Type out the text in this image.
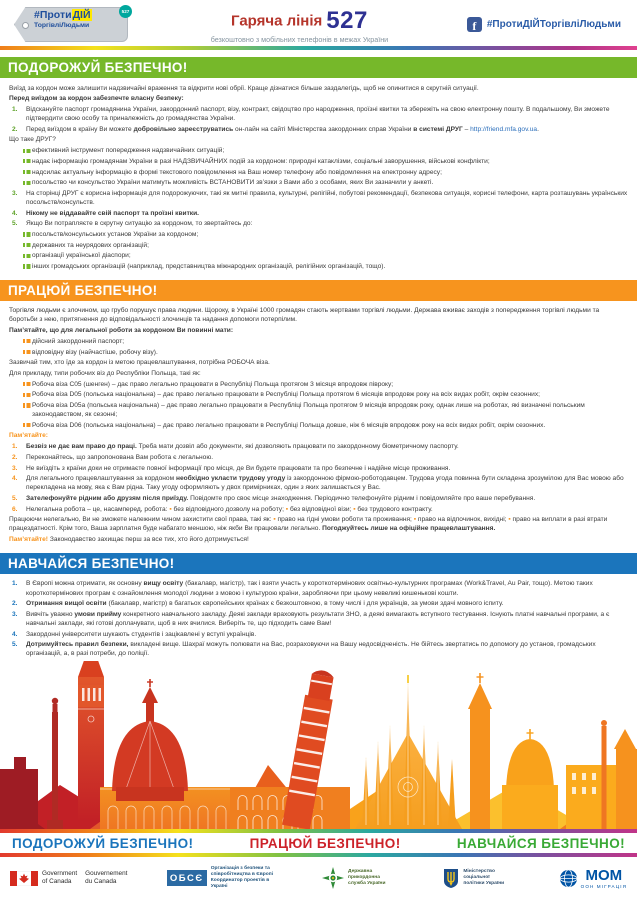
#ПротиДІЙ
ТоргівліЛюдьми
527
Гаряча лінія 527
безкоштовно з мобільних телефонів в межах України
f	#ПротиДІЙТоргівліЛюдьми
ПОДОРОЖУЙ БЕЗПЕЧНО!

Виїзд за кордон може залишити надзвичайні враження та відкрити нові обрії. Краще дізнатися більше заздалегідь, щоб не опинитися в скрутній ситуації.

Перед виїздом за кордон забезпечте власну безпеку:

1.	Відскануйте паспорт громадянина України, закордонний паспорт, візу, контракт, свідоцтво про народження, проїзні квитки та збережіть на свою електронну пошту. В подальшому, Ви зможете підтвердити свою особу та приналежність до громадянства України.
2.	Перед виїздом в країну Ви можете добровільно зареєструватись он-лайн на сайті Міністерства закордонних справ України в системі ДРУГ – http://friend.mfa.gov.ua.

Що таке ДРУГ?

ефективний інструмент попередження надзвичайних ситуацій;
надає інформацію громадянам України в разі НАДЗВИЧАЙНИХ подій за кордоном: природні катаклізми, соціальні заворушення, військові конфлікти;
надсилає актуальну інформацію в формі текстового повідомлення на Ваш номер телефону або повідомлення на електронну адресу;
посольство чи консульство України матимуть можливість ВСТАНОВИТИ зв’язки з Вами або з особами, яких Ви зазначили у анкеті.
3.	На сторінці ДРУГ є корисна інформація для подорожуючих, такі як митні правила, культурні, релігійні, побутові рекомендації, безпекова ситуація, корисні телефони, карта розташувань українських посольств/консульств.
4.	Нікому не віддавайте свій паспорт та проїзні квитки.
5.	Якщо Ви потрапляєте в скрутну ситуацію за кордоном, то звертайтесь до:
посольств/консульських установ України за кордоном;
державних та неурядових організацій;
організації української діаспори;
інших громадських організацій (наприклад, представництва міжнародних організацій, релігійних організацій, тощо).
ПРАЦЮЙ БЕЗПЕЧНО!

Торгівля людьми є злочином, що грубо порушує права людини. Щороку, в Україні 1000 громадян стають жертвами торгівлі людьми. Держава вживає заходів з попередження торгівлі людьми та боротьби з нею, притягнення до відповідальності злочинців та надання допомоги потерпілим.

Пам’ятайте, що для легальної роботи за кордоном Ви повинні мати:

дійсний закордонний паспорт;
відповідну візу (найчастіше, робочу візу).

Зазвичай тим, хто їде за кордон із метою працевлаштування, потрібна РОБОЧА віза.

Для прикладу, типи робочих віз до Республіки Польща, такі як:

Робоча віза C05 (шенген) – дає право легально працювати в Республіці Польща протягом 3 місяця впродовж півроку;
Робоча віза D05 (польська національна) – дає право легально працювати в Республіці Польща протягом 6 місяців впродовж року на всіх видах робіт, окрім сезонних;
Робоча віза D05a (польська національна) – дає право легально працювати в Республіці Польща протягом 9 місяців впродовж року, однак лише на роботах, які визначені польським законодавством, як сезонні;
Робоча віза D06 (польська національна) – дає право легально працювати в Республіці Польща довше, ніж 6 місяців впродовж року на всіх видах робіт, окрім сезонних.

Пам’ятайте:

1.	Безвіз не дає вам право до праці. Треба мати дозвіл або документи, які дозволяють працювати по закордонному біометричному паспорту.
2.	Переконайтесь, що запропонована Вам робота є легальною.
3.	Не виїздіть з країни доки не отримаєте повної інформації про місця, де Ви будете працювати та про безпечне і надійне місце проживання.
4.	Для легального працевлаштування за кордоном необхідно укласти трудову угоду із закордонною фірмою-роботодавцем. Трудова угода повинна бути складена зрозумілою для Вас мовою або перекладена на мову, яка є Вам рідна. Таку угоду оформляють у двох примірниках, один з яких залишається у Вас.
5.	Зателефонуйте рідним або друзям після приїзду. Повідомте про своє місце знаходження. Періодично телефонуйте рідним і повідомляйте про ваше перебування.
6.	Нелегальна робота – це, насамперед, робота: ▪ без відповідного дозволу на роботу; ▪ без відповідної візи; ▪ без трудового контракту.

Працюючи нелегально, Ви не зможете належним чином захистити свої права, такі як: ▪ право на гідні умови роботи та проживання; ▪ право на відпочинок, вихідні; ▪ право на виплати в разі втрати працездатності. Крім того, Ваша зарплатня буде набагато меншою, ніж якби Ви працювали легально. Погоджуйтесь лише на офіційне працевлаштування.

Пам’ятайте! Законодавство захищає перш за все тих, хто його дотримується!

НАВЧАЙСЯ БЕЗПЕЧНО!
1.	В Європі можна отримати, як основну вищу освіту (бакалавр, магістр), так і взяти участь у короткотермінових освітньо-культурних програмах (Work&Travel, Au Pair, тощо). Метою таких короткотермінових програм є ознайомлення молодої людини з мовою і культурою країни, заробляючи при цьому невеликі кишенькові кошти.
2.	Отримання вищої освіти (бакалавр, магістр) в багатьох європейських країнах є безкоштовною, в тому числі і для українців, за умови здачі мовного іспиту.
3.	Вивчіть уважно умови прийму конкретного навчального закладу. Деякі заклади враховують результати ЗНО, а деякі вимагають вступного тестування. Існують платні навчальні програми, а є навчальні заклади, які готові доплачувати, щоб в них вчилися. Виберіть те, що підходить саме Вам!
4.	Закордонні університети шукають студентів і зацікавлені у вступі українців.
5.	Дотримуйтесь правил безпеки, викладені вище. Шахраї можуть полювати на Вас, розраховуючи на Вашу недосвідченість. Не бійтесь звертатись по допомогу до установ, громадських організацій, а, в разі потреби, до поліції.
ПОДОРОЖУЙ БЕЗПЕЧНО!	ПРАЦЮЙ БЕЗПЕЧНО!	НАВЧАЙСЯ БЕЗПЕЧНО!
Government
of Canada
Gouvernement
du Canada	ОБСЄ
Організація з безпеки та
співробітництва в Європі
Координатор проектів в Україні
Державна прикордонна
служба України
Міністерство соціальної
політики України
МОМ
ООН МІГРАЦІЯ
